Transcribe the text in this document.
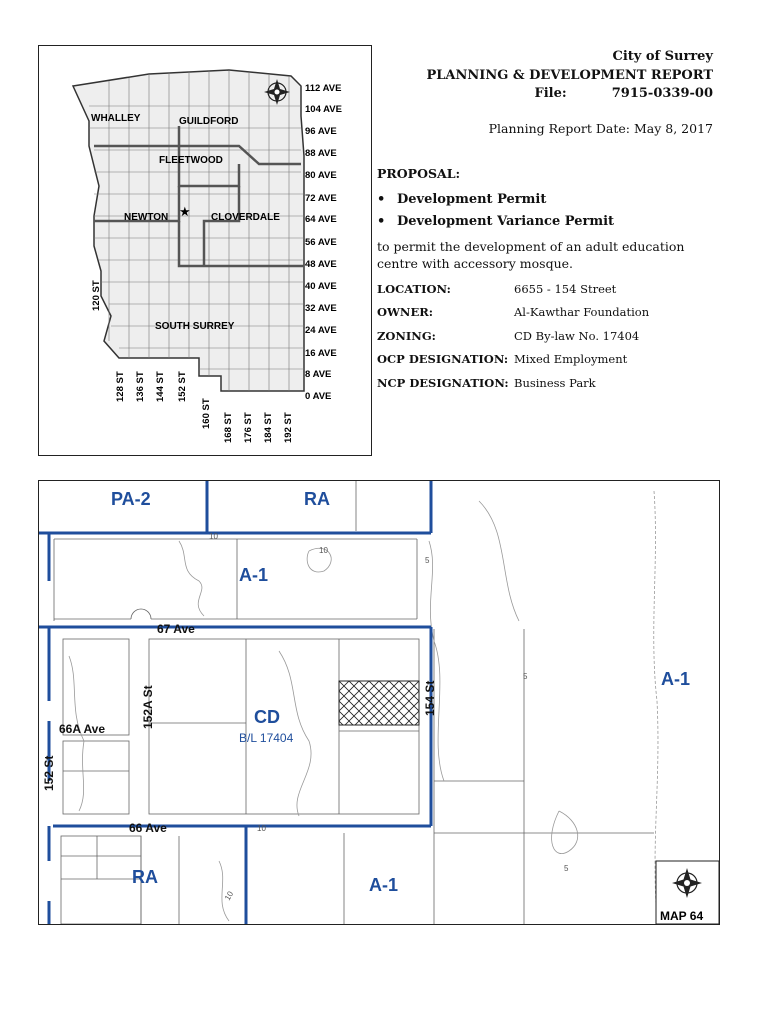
WHALLEY	GUILDFORD
FLEETWOOD
NEWTON	CLOVERDALE
SOUTH SURREY
★
112 AVE
104 AVE
96 AVE
88 AVE
80 AVE
72 AVE
64 AVE
56 AVE
48 AVE
40 AVE
32 AVE
24 AVE
16 AVE
8 AVE
0 AVE
120 ST
128 ST 136 ST 144 ST 152 ST
160 ST 168 ST 176 ST 184 ST 192 ST
City of Surrey
PLANNING & DEVELOPMENT REPORT
File:	7915-0339-00
Planning Report Date: May 8, 2017
PROPOSAL:
• Development Permit
• Development Variance Permit
to permit the development of an adult education centre with accessory mosque.
LOCATION:	6655 - 154 Street
OWNER:	Al-Kawthar Foundation
ZONING:	CD By-law No. 17404
OCP DESIGNATION: Mixed Employment
NCP DESIGNATION: Business Park
PA-2	RA
A-1
CD
A-1
RA	A-1
B/L 17404
67 Ave
66A Ave
66 Ave
152A St	154 St
152 St
10
10
10
10
5
5
5
MAP 64
